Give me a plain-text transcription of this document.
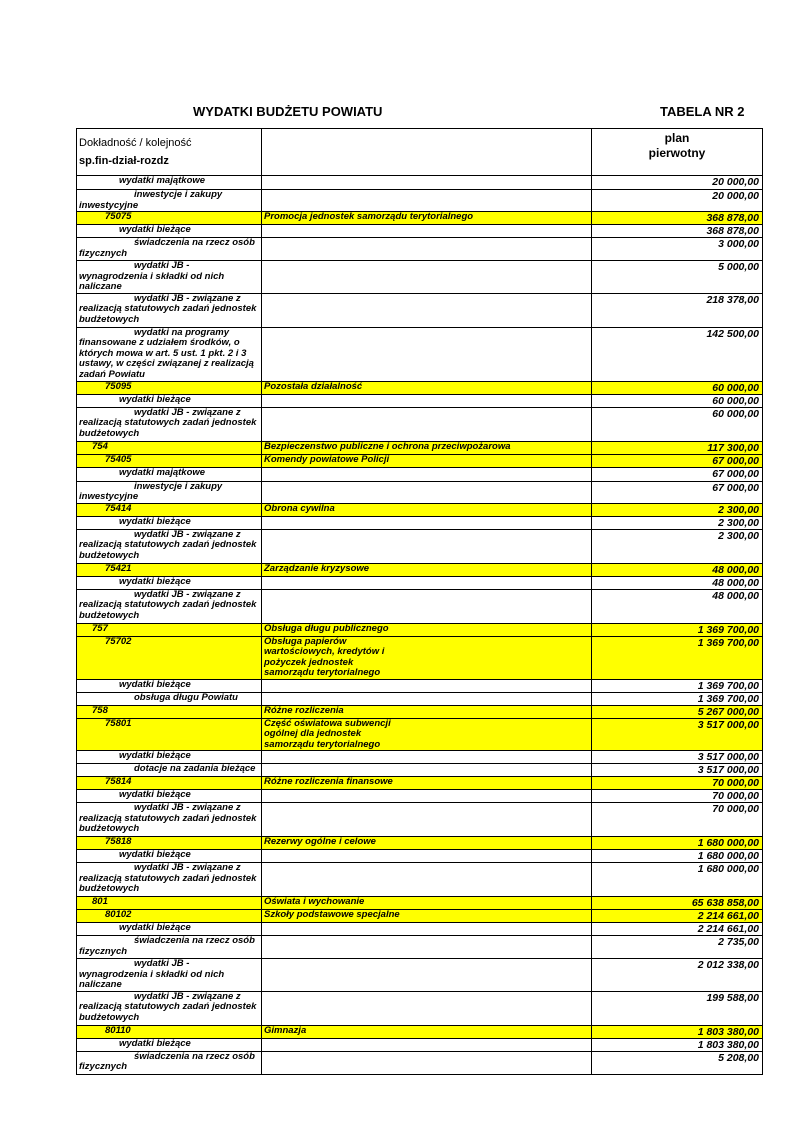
WYDATKI BUDŻETU POWIATU	TABELA NR 2
Dokładność / kolejność
sp.fin-dział-rozdz		plan
pierwotny

wydatki majątkowe		20 000,00
inwestycje i zakupy inwestycyjne		20 000,00
75075	Promocja jednostek samorządu terytorialnego	368 878,00
wydatki bieżące		368 878,00
świadczenia na rzecz osób fizycznych		3 000,00
wydatki JB - wynagrodzenia i składki od nich naliczane		5 000,00
wydatki JB - związane z realizacją statutowych zadań jednostek budżetowych		218 378,00
wydatki na programy finansowane z udziałem środków, o których mowa w art. 5 ust. 1 pkt. 2 i 3 ustawy, w części związanej z realizacją zadań Powiatu		142 500,00
75095	Pozostała działalność	60 000,00
wydatki bieżące		60 000,00
wydatki JB - związane z realizacją statutowych zadań jednostek budżetowych		60 000,00
754	Bezpieczenstwo publiczne i ochrona przeciwpożarowa	117 300,00
75405	Komendy powiatowe Policji	67 000,00
wydatki majątkowe		67 000,00
inwestycje i zakupy inwestycyjne		67 000,00
75414	Obrona cywilna	2 300,00
wydatki bieżące		2 300,00
wydatki JB - związane z realizacją statutowych zadań jednostek budżetowych		2 300,00
75421	Zarządzanie kryzysowe	48 000,00
wydatki bieżące		48 000,00
wydatki JB - związane z realizacją statutowych zadań jednostek budżetowych		48 000,00
757	Obsługa długu publicznego	1 369 700,00
75702	Obsługa papierów wartościowych, kredytów i pożyczek jednostek samorządu terytorialnego	1 369 700,00
wydatki bieżące		1 369 700,00
obsługa długu Powiatu		1 369 700,00
758	Różne rozliczenia	5 267 000,00
75801	Część oświatowa subwencji ogólnej dla jednostek samorządu terytorialnego	3 517 000,00
wydatki bieżące		3 517 000,00
dotacje na zadania bieżące		3 517 000,00
75814	Różne rozliczenia finansowe	70 000,00
wydatki bieżące		70 000,00
wydatki JB - związane z realizacją statutowych zadań jednostek budżetowych		70 000,00
75818	Rezerwy ogólne i celowe	1 680 000,00
wydatki bieżące		1 680 000,00
wydatki JB - związane z realizacją statutowych zadań jednostek budżetowych		1 680 000,00
801	Oświata i wychowanie	65 638 858,00
80102	Szkoły podstawowe specjalne	2 214 661,00
wydatki bieżące		2 214 661,00
świadczenia na rzecz osób fizycznych		2 735,00
wydatki JB - wynagrodzenia i składki od nich naliczane		2 012 338,00
wydatki JB - związane z realizacją statutowych zadań jednostek budżetowych		199 588,00
80110	Gimnazja	1 803 380,00
wydatki bieżące		1 803 380,00
świadczenia na rzecz osób fizycznych		5 208,00
